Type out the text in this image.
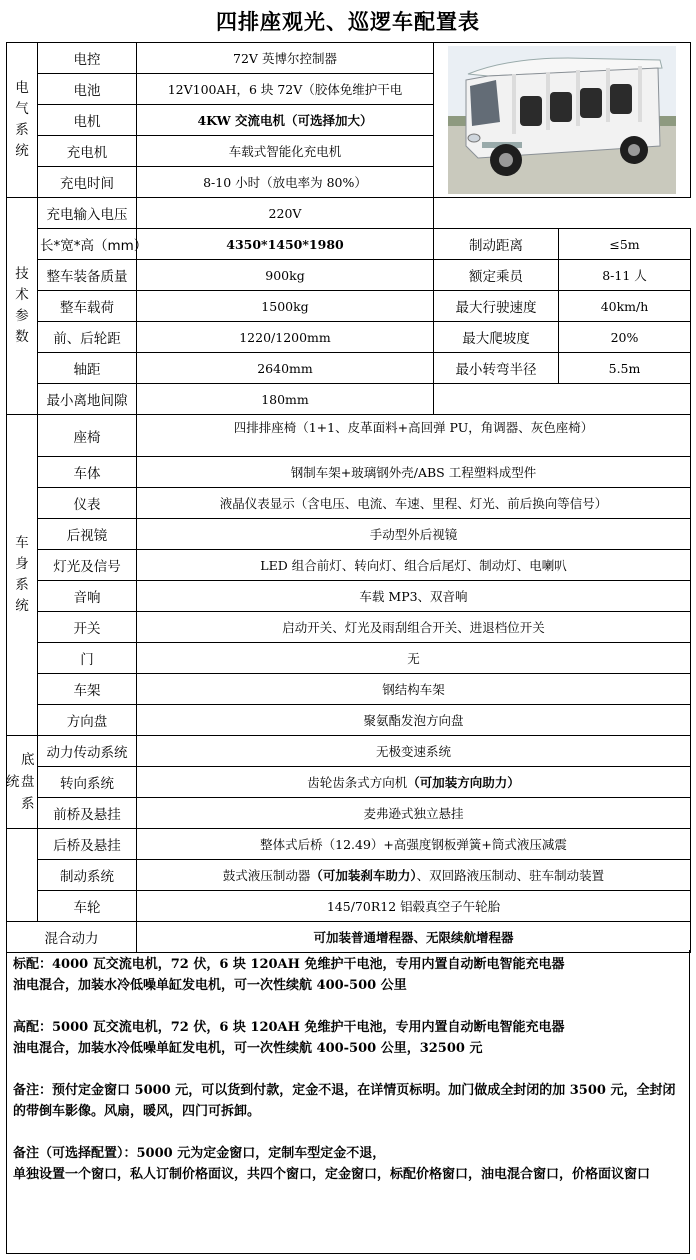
四排座观光、巡逻车配置表
电气系统	电控	72V 英博尔控制器	

	电池	12V100AH，6 块 72V（胶体免维护干电		
	电机	4KW 交流电机（可选择加大）		
	充电机	车载式智能化充电机		
	充电时间	8-10 小时（放电率为 80%）		

技术参数	充电输入电压	220V		
	长*宽*高（mm）	4350*1450*1980	制动距离	≤5m
	整车装备质量	900kg	额定乘员	8-11 人
	整车载荷	1500kg	最大行驶速度	40km/h
	前、后轮距	1220/1200mm	最大爬坡度	20%
	轴距	2640mm	最小转弯半径	5.5m
	最小离地间隙	180mm		

车身系统	座椅	四排排座椅（1+1、皮革面料+高回弹 PU，角调器、灰色座椅）		
	车体	钢制车架+玻璃钢外壳/ABS 工程塑料成型件		
	仪表	液晶仪表显示（含电压、电流、车速、里程、灯光、前后换向等信号）		
	后视镜	手动型外后视镜		
	灯光及信号	LED 组合前灯、转向灯、组合后尾灯、制动灯、电喇叭		
	音响	车载 MP3、双音响		
	开关	启动开关、灯光及雨刮组合开关、进退档位开关		
	门	无		
	车架	钢结构车架		
	方向盘	聚氨酯发泡方向盘		

底
统 盘
系	动力传动系统	无极变速系统		
	转向系统	齿轮齿条式方向机（可加装方向助力）		
	前桥及悬挂	麦弗逊式独立悬挂		
	后桥及悬挂	整体式后桥（12.49）+高强度钢板弹簧+筒式液压减震		
	制动系统	鼓式液压制动器（可加装刹车助力）、双回路液压制动、驻车制动装置		
	车轮	145/70R12 铝毂真空子午轮胎		
混合动力		可加装普通增程器、无限续航增程器		

标配：4000 瓦交流电机，72 伏，6 块 120AH 免维护干电池，专用内置自动断电智能充电器

油电混合，加装水冷低噪单缸发电机，可一次性续航 400-500 公里

高配：5000 瓦交流电机，72 伏，6 块 120AH 免维护干电池，专用内置自动断电智能充电器

油电混合，加装水冷低噪单缸发电机，可一次性续航 400-500 公里，32500 元

备注：预付定金窗口 5000 元，可以货到付款，定金不退，在详情页标明。加门做成全封闭的加 3500 元，全封闭的带倒车影像。风扇，暖风，四门可拆卸。

备注（可选择配置）：5000 元为定金窗口，定制车型定金不退，

单独设置一个窗口，私人订制价格面议，共四个窗口，定金窗口，标配价格窗口，油电混合窗口，价格面议窗口
